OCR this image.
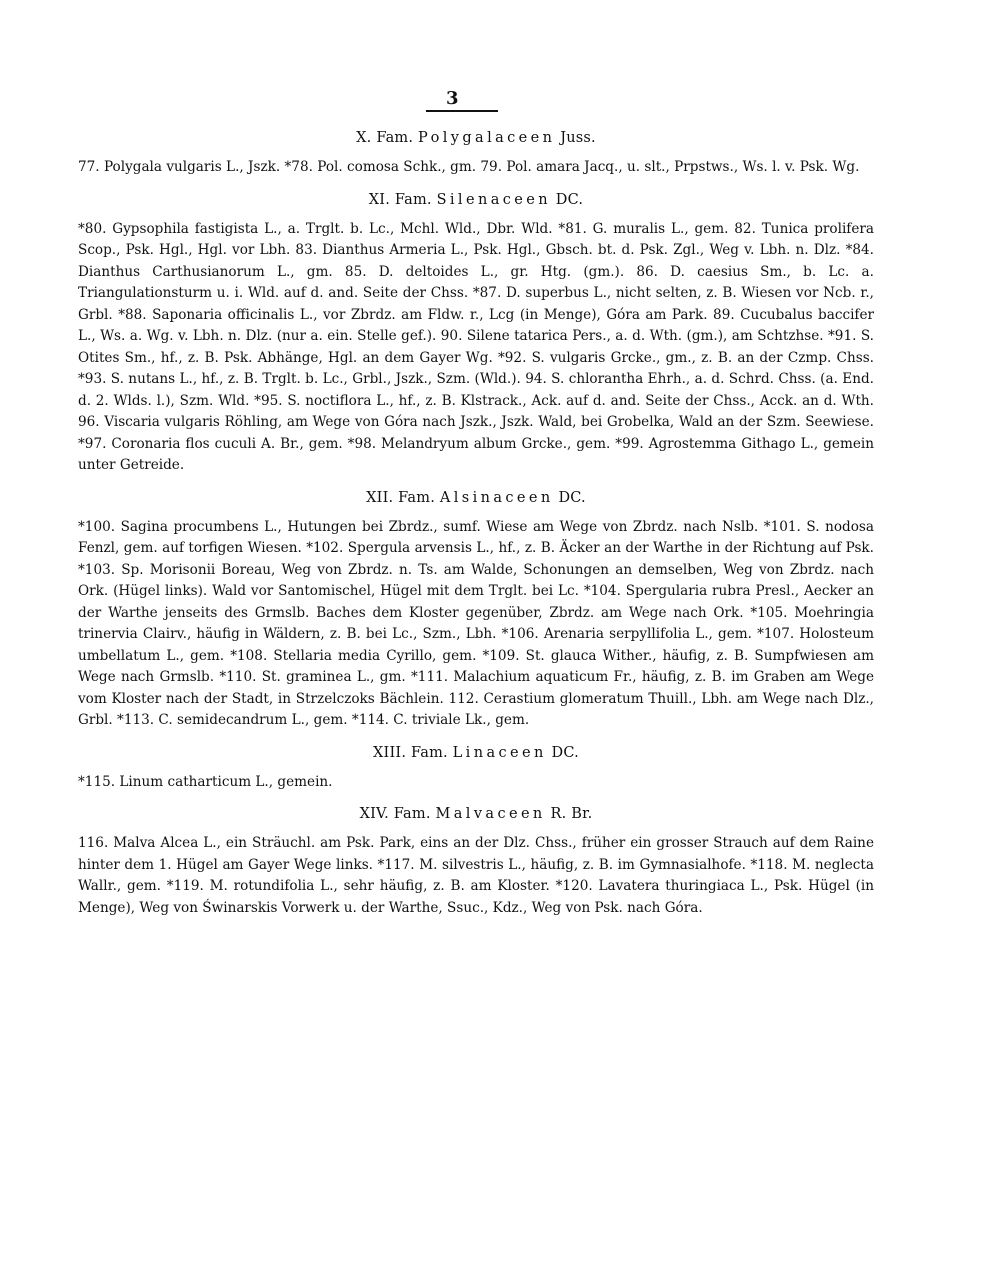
3
X. Fam. Polygalaceen Juss.

77. Polygala vulgaris L., Jszk. *78. Pol. comosa Schk., gm. 79. Pol. amara Jacq., u. slt., Prpstws., Ws. l. v. Psk. Wg.

XI. Fam. Silenaceen DC.

*80. Gypsophila fastigista L., a. Trglt. b. Lc., Mchl. Wld., Dbr. Wld. *81. G. muralis L., gem. 82. Tunica prolifera Scop., Psk. Hgl., Hgl. vor Lbh. 83. Dianthus Armeria L., Psk. Hgl., Gbsch. bt. d. Psk. Zgl., Weg v. Lbh. n. Dlz. *84. Dianthus Carthusianorum L., gm. 85. D. deltoides L., gr. Htg. (gm.). 86. D. caesius Sm., b. Lc. a. Triangulationsturm u. i. Wld. auf d. and. Seite der Chss. *87. D. superbus L., nicht selten, z. B. Wiesen vor Ncb. r., Grbl. *88. Saponaria officinalis L., vor Zbrdz. am Fldw. r., Lcg (in Menge), Góra am Park. 89. Cucubalus baccifer L., Ws. a. Wg. v. Lbh. n. Dlz. (nur a. ein. Stelle gef.). 90. Silene tatarica Pers., a. d. Wth. (gm.), am Schtzhse. *91. S. Otites Sm., hf., z. B. Psk. Abhänge, Hgl. an dem Gayer Wg. *92. S. vulgaris Grcke., gm., z. B. an der Czmp. Chss. *93. S. nutans L., hf., z. B. Trglt. b. Lc., Grbl., Jszk., Szm. (Wld.). 94. S. chlorantha Ehrh., a. d. Schrd. Chss. (a. End. d. 2. Wlds. l.), Szm. Wld. *95. S. noctiflora L., hf., z. B. Klstrack., Ack. auf d. and. Seite der Chss., Acck. an d. Wth. 96. Viscaria vulgaris Röhling, am Wege von Góra nach Jszk., Jszk. Wald, bei Grobelka, Wald an der Szm. Seewiese. *97. Coronaria flos cuculi A. Br., gem. *98. Melandryum album Grcke., gem. *99. Agrostemma Githago L., gemein unter Getreide.

XII. Fam. Alsinaceen DC.

*100. Sagina procumbens L., Hutungen bei Zbrdz., sumf. Wiese am Wege von Zbrdz. nach Nslb. *101. S. nodosa Fenzl, gem. auf torfigen Wiesen. *102. Spergula arvensis L., hf., z. B. Äcker an der Warthe in der Richtung auf Psk. *103. Sp. Morisonii Boreau, Weg von Zbrdz. n. Ts. am Walde, Schonungen an demselben, Weg von Zbrdz. nach Ork. (Hügel links). Wald vor Santomischel, Hügel mit dem Trglt. bei Lc. *104. Spergularia rubra Presl., Aecker an der Warthe jenseits des Grmslb. Baches dem Kloster gegenüber, Zbrdz. am Wege nach Ork. *105. Moehringia trinervia Clairv., häufig in Wäldern, z. B. bei Lc., Szm., Lbh. *106. Arenaria serpyllifolia L., gem. *107. Holosteum umbellatum L., gem. *108. Stellaria media Cyrillo, gem. *109. St. glauca Wither., häufig, z. B. Sumpfwiesen am Wege nach Grmslb. *110. St. graminea L., gm. *111. Malachium aquaticum Fr., häufig, z. B. im Graben am Wege vom Kloster nach der Stadt, in Strzelczoks Bächlein. 112. Cerastium glomeratum Thuill., Lbh. am Wege nach Dlz., Grbl. *113. C. semidecandrum L., gem. *114. C. triviale Lk., gem.

XIII. Fam. Linaceen DC.

*115. Linum catharticum L., gemein.

XIV. Fam. Malvaceen R. Br.

116. Malva Alcea L., ein Sträuchl. am Psk. Park, eins an der Dlz. Chss., früher ein grosser Strauch auf dem Raine hinter dem 1. Hügel am Gayer Wege links. *117. M. silvestris L., häufig, z. B. im Gymnasialhofe. *118. M. neglecta Wallr., gem. *119. M. rotundifolia L., sehr häufig, z. B. am Kloster. *120. Lavatera thuringiaca L., Psk. Hügel (in Menge), Weg von Świnarskis Vorwerk u. der Warthe, Ssuc., Kdz., Weg von Psk. nach Góra.
